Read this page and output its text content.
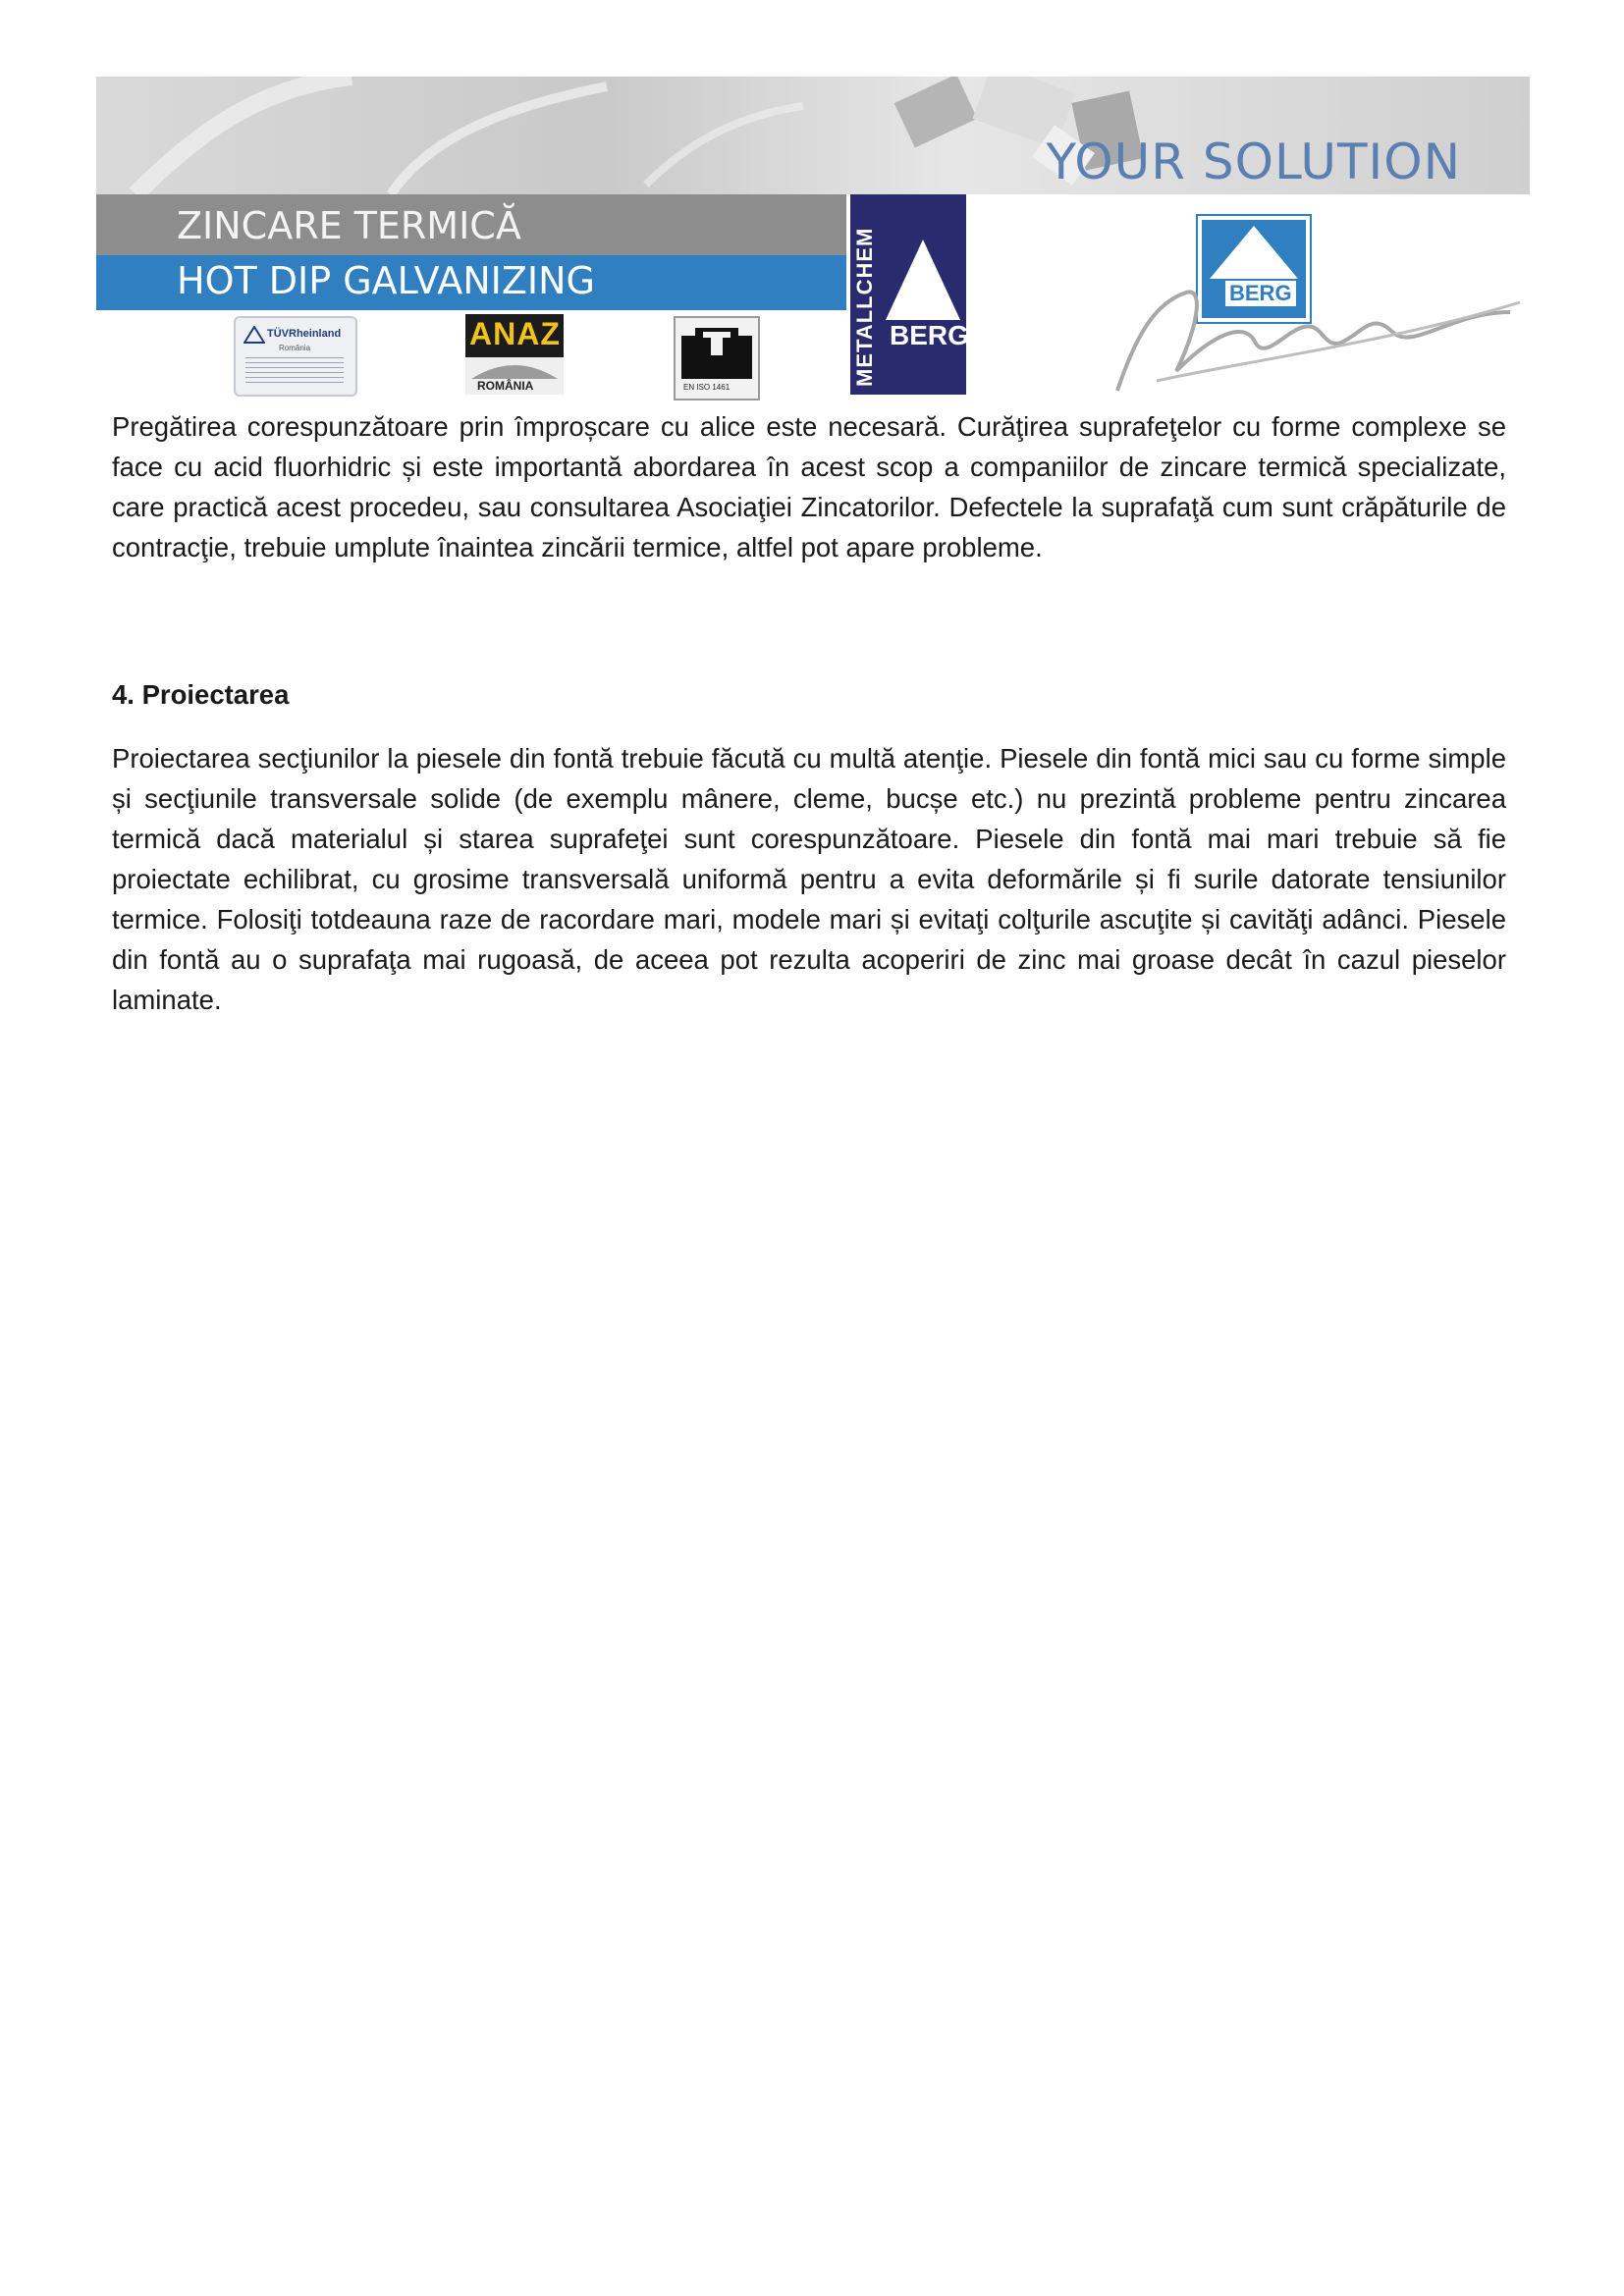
YOUR SOLUTION
ZINCARE TERMICĂ
HOT DIP GALVANIZING
TÜVRheinland
România	ANAZ
ROMÂNIA	EN ISO 1461
METALLCHEM BERG
BERG
Pregătirea corespunzătoare prin împroșcare cu alice este necesară. Curăţirea suprafeţelor cu forme complexe se face cu acid fluorhidric și este importantă abordarea în acest scop a companiilor de zincare termică specializate, care practică acest procedeu, sau consultarea Asociaţiei Zincatorilor. Defectele la suprafaţă cum sunt crăpăturile de contracţie, trebuie umplute înaintea zincării termice, altfel pot apare probleme.
4. Proiectarea
Proiectarea secţiunilor la piesele din fontă trebuie făcută cu multă atenţie. Piesele din fontă mici sau cu forme simple și secţiunile transversale solide (de exemplu mânere, cleme, bucșe etc.) nu prezintă probleme pentru zincarea termică dacă materialul și starea suprafeţei sunt corespunzătoare. Piesele din fontă mai mari trebuie să fie proiectate echilibrat, cu grosime transversală uniformă pentru a evita deformările și fi surile datorate tensiunilor termice. Folosiţi totdeauna raze de racordare mari, modele mari și evitaţi colţurile ascuţite și cavităţi adânci. Piesele din fontă au o suprafaţa mai rugoasă, de aceea pot rezulta acoperiri de zinc mai groase decât în cazul pieselor laminate.
